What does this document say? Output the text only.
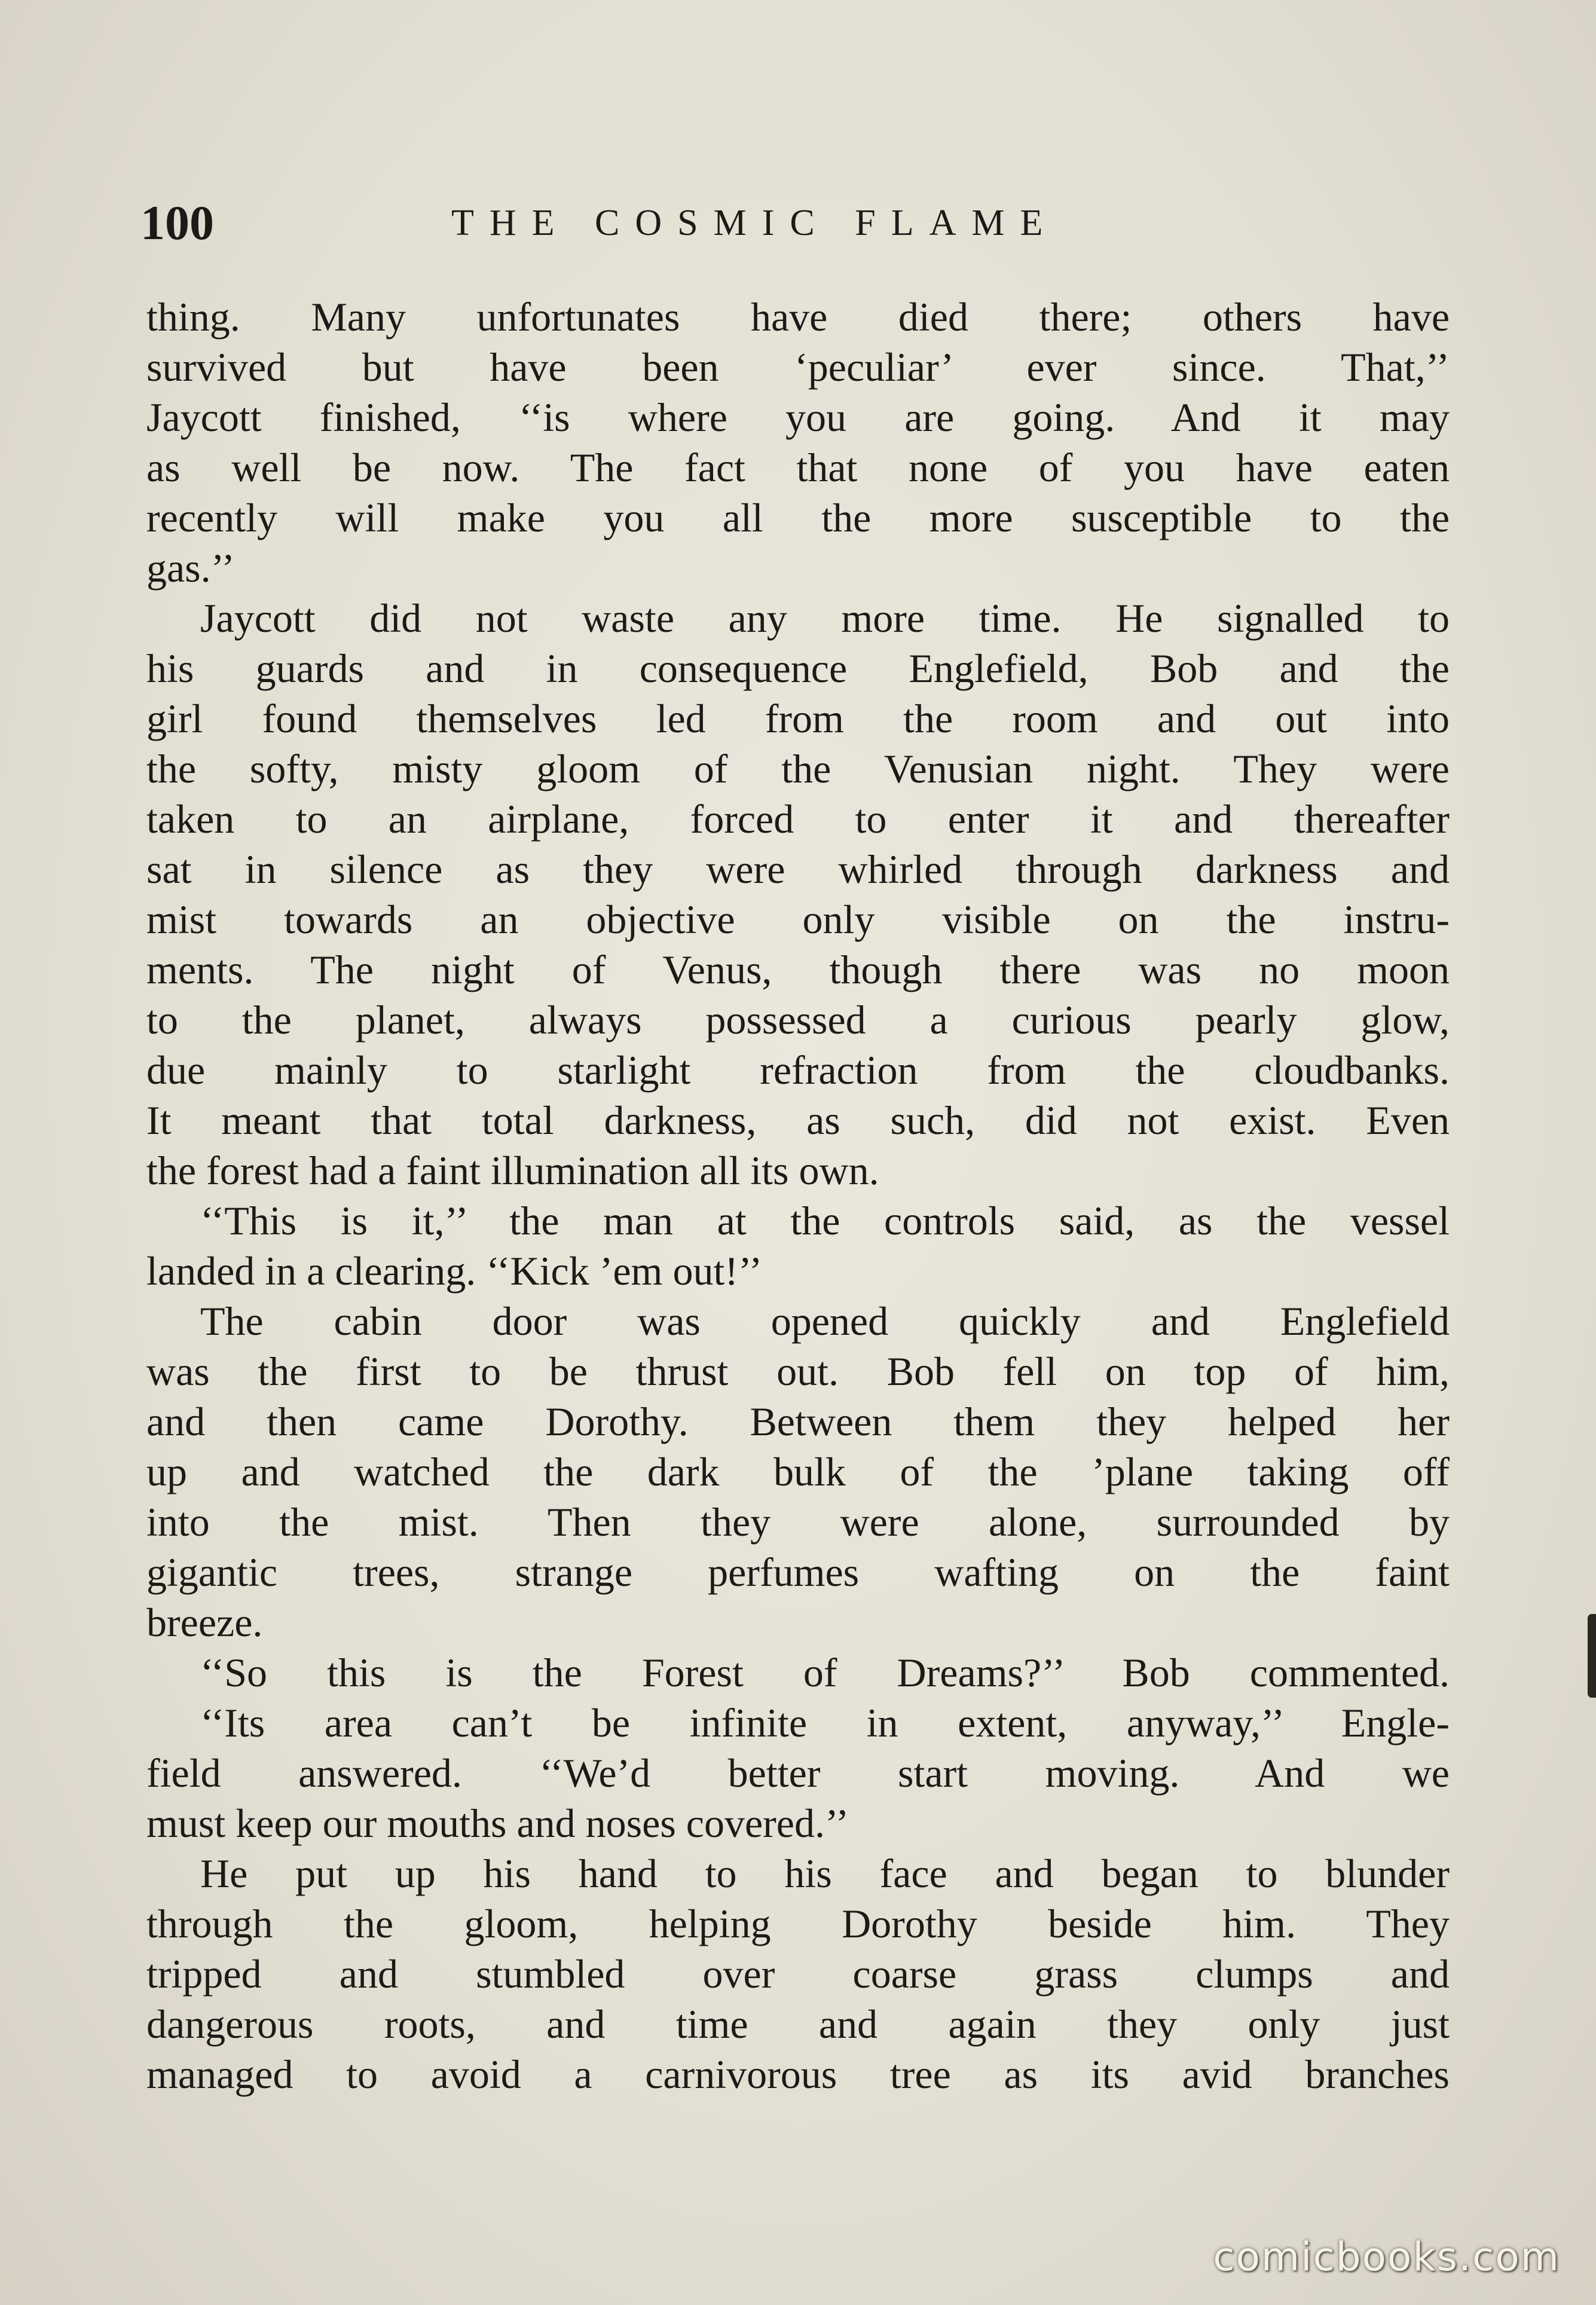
100	THE COSMIC FLAME
thing. Many unfortunates have died there; others have
survived but have been ‘peculiar’ ever since. That,’’
Jaycott finished, ‘‘is where you are going. And it may
as well be now. The fact that none of you have eaten
recently will make you all the more susceptible to the
gas.’’
Jaycott did not waste any more time. He signalled to
his guards and in consequence Englefield, Bob and the
girl found themselves led from the room and out into
the softy, misty gloom of the Venusian night. They were
taken to an airplane, forced to enter it and thereafter
sat in silence as they were whirled through darkness and
mist towards an objective only visible on the instru-
ments. The night of Venus, though there was no moon
to the planet, always possessed a curious pearly glow,
due mainly to starlight refraction from the cloudbanks.
It meant that total darkness, as such, did not exist. Even
the forest had a faint illumination all its own.
‘‘This is it,’’ the man at the controls said, as the vessel
landed in a clearing. ‘‘Kick ’em out!’’
The cabin door was opened quickly and Englefield
was the first to be thrust out. Bob fell on top of him,
and then came Dorothy. Between them they helped her
up and watched the dark bulk of the ’plane taking off
into the mist. Then they were alone, surrounded by
gigantic trees, strange perfumes wafting on the faint
breeze.
‘‘So this is the Forest of Dreams?’’ Bob commented.
‘‘Its area can’t be infinite in extent, anyway,’’ Engle-
field answered. ‘‘We’d better start moving. And we
must keep our mouths and noses covered.’’
He put up his hand to his face and began to blunder
through the gloom, helping Dorothy beside him. They
tripped and stumbled over coarse grass clumps and
dangerous roots, and time and again they only just
managed to avoid a carnivorous tree as its avid branches
comicbooks.com
